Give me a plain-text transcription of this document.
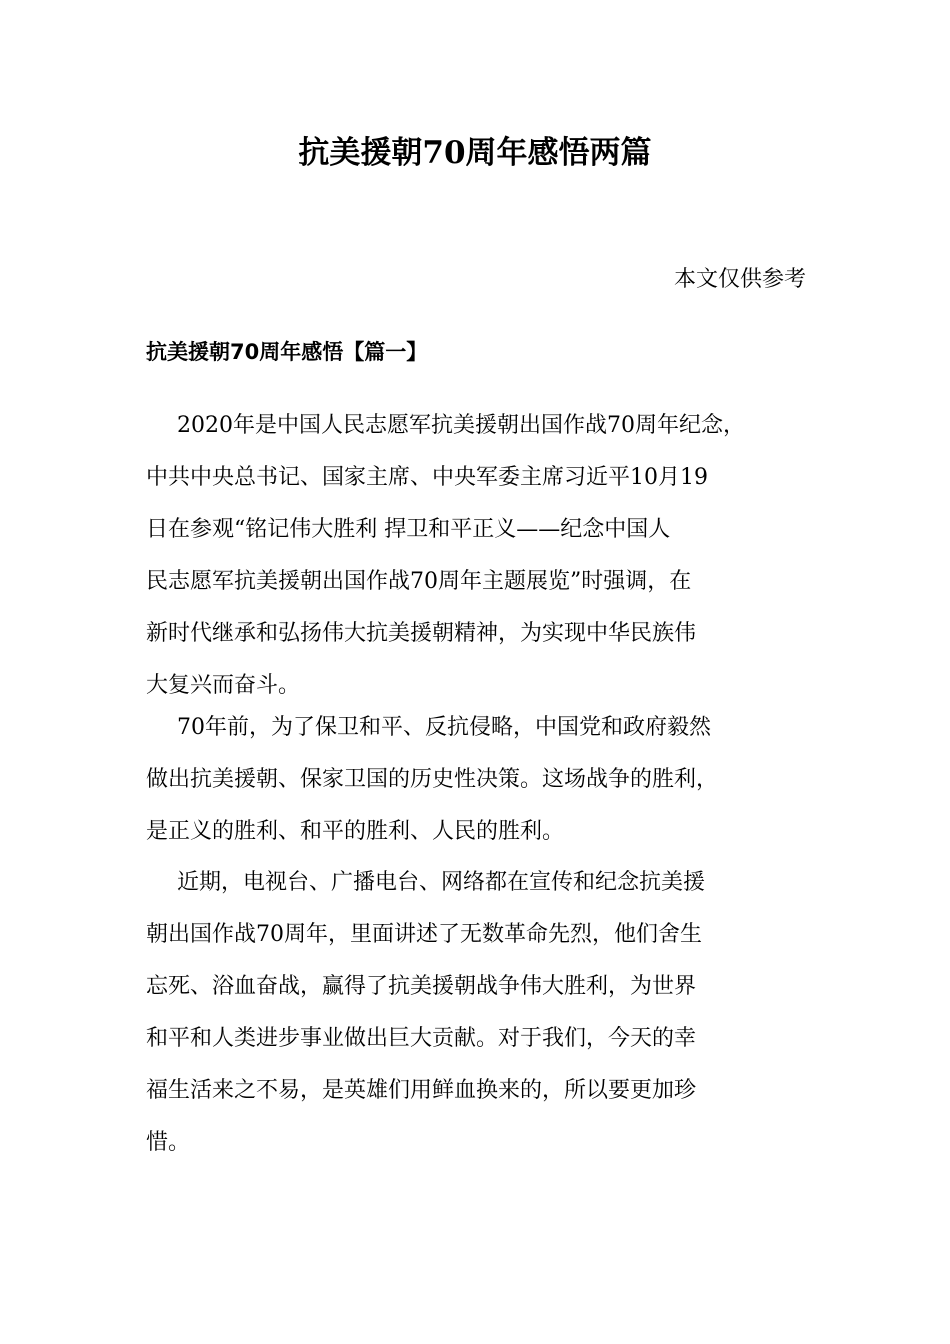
抗美援朝70周年感悟两篇
本文仅供参考
抗美援朝70周年感悟【篇一】
2020年是中国人民志愿军抗美援朝出国作战70周年纪念，
中共中央总书记、国家主席、中央军委主席习近平10月19
日在参观“铭记伟大胜利 捍卫和平正义——纪念中国人
民志愿军抗美援朝出国作战70周年主题展览”时强调，在
新时代继承和弘扬伟大抗美援朝精神，为实现中华民族伟
大复兴而奋斗。
70年前，为了保卫和平、反抗侵略，中国党和政府毅然
做出抗美援朝、保家卫国的历史性决策。这场战争的胜利，
是正义的胜利、和平的胜利、人民的胜利。
近期，电视台、广播电台、网络都在宣传和纪念抗美援
朝出国作战70周年，里面讲述了无数革命先烈，他们舍生
忘死、浴血奋战，赢得了抗美援朝战争伟大胜利，为世界
和平和人类进步事业做出巨大贡献。对于我们，今天的幸
福生活来之不易，是英雄们用鲜血换来的，所以要更加珍
惜。
